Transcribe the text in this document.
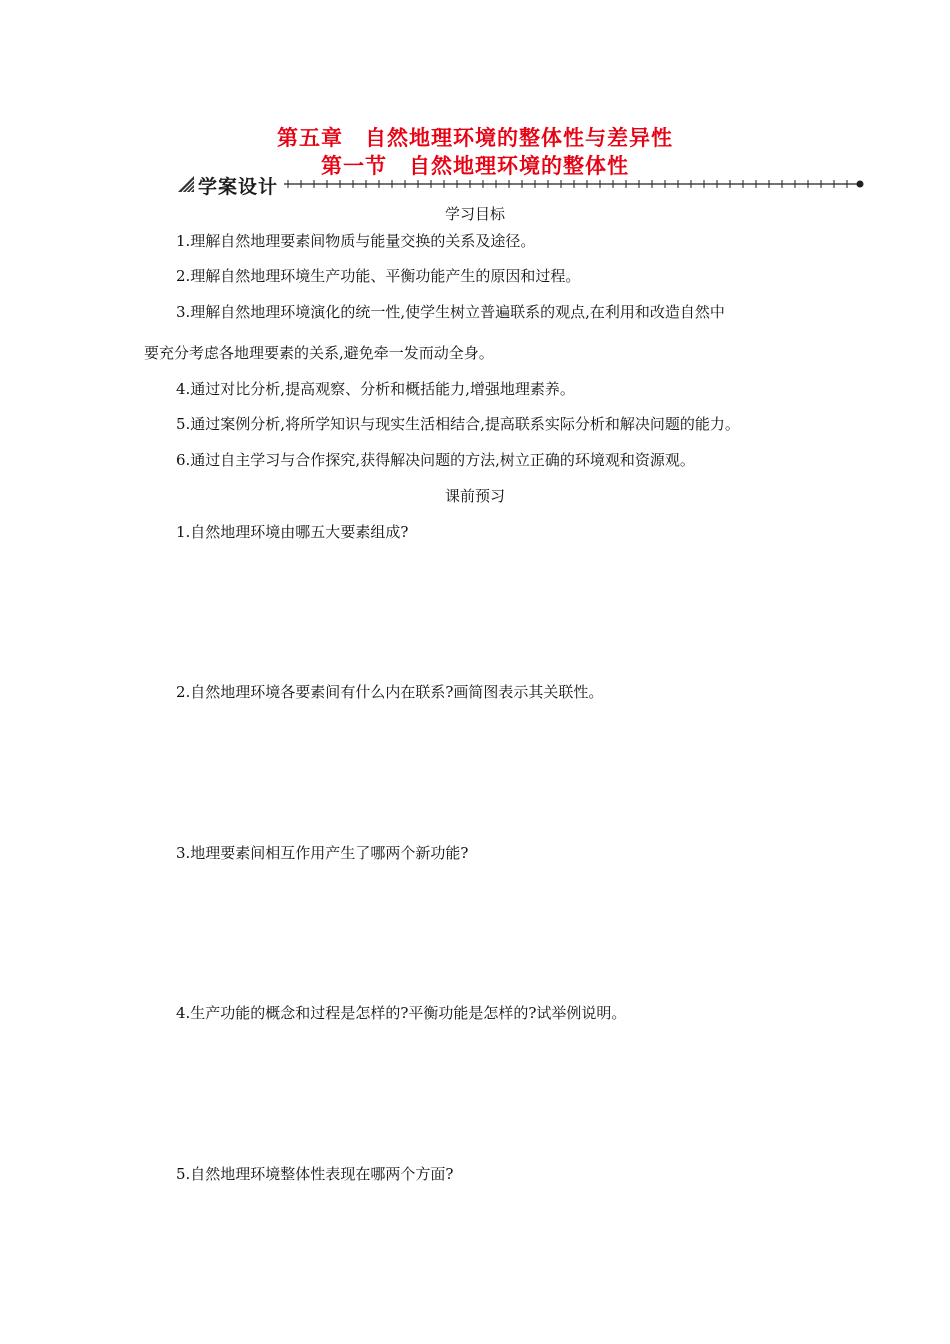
第五章　自然地理环境的整体性与差异性
第一节　自然地理环境的整体性
学案设计
学习目标
1.理解自然地理要素间物质与能量交换的关系及途径。
2.理解自然地理环境生产功能、平衡功能产生的原因和过程。
3.理解自然地理环境演化的统一性,使学生树立普遍联系的观点,在利用和改造自然中
要充分考虑各地理要素的关系,避免牵一发而动全身。
4.通过对比分析,提高观察、分析和概括能力,增强地理素养。
5.通过案例分析,将所学知识与现实生活相结合,提高联系实际分析和解决问题的能力。
6.通过自主学习与合作探究,获得解决问题的方法,树立正确的环境观和资源观。
课前预习
1.自然地理环境由哪五大要素组成?
2.自然地理环境各要素间有什么内在联系?画简图表示其关联性。
3.地理要素间相互作用产生了哪两个新功能?
4.生产功能的概念和过程是怎样的?平衡功能是怎样的?试举例说明。
5.自然地理环境整体性表现在哪两个方面?
